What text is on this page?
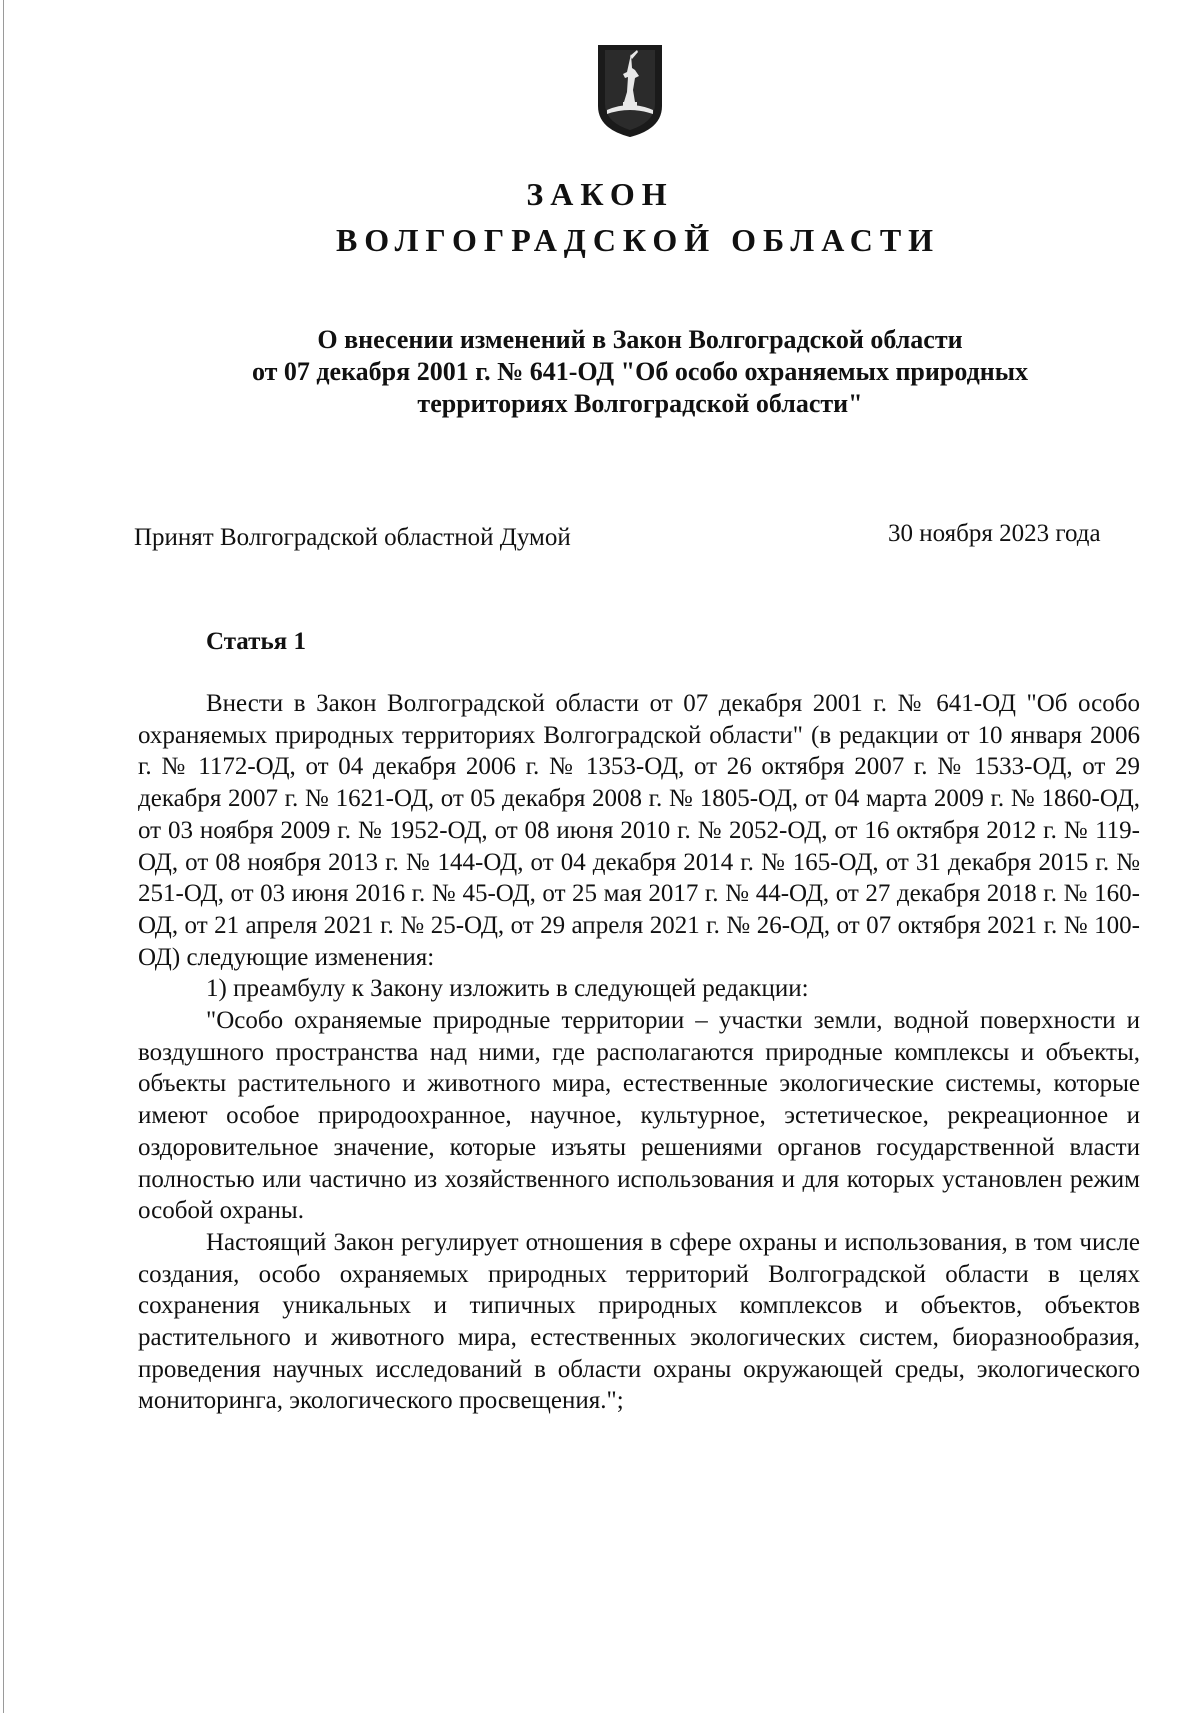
ЗАКОН
ВОЛГОГРАДСКОЙ ОБЛАСТИ
О внесении изменений в Закон Волгоградской области
от 07 декабря 2001 г. № 641-ОД "Об особо охраняемых природных
территориях Волгоградской области"
Принят Волгоградской областной Думой	30 ноября 2023 года
Статья 1

Внести в Закон Волгоградской области от 07 декабря 2001 г. № 641-ОД "Об особо охраняемых природных территориях Волгоградской области" (в редакции от 10 января 2006 г. № 1172-ОД, от 04 декабря 2006 г. № 1353-ОД, от 26 октября 2007 г. № 1533-ОД, от 29 декабря 2007 г. № 1621-ОД, от 05 декабря 2008 г. № 1805-ОД, от 04 марта 2009 г. № 1860-ОД, от 03 ноября 2009 г. № 1952-ОД, от 08 июня 2010 г. № 2052-ОД, от 16 октября 2012 г. № 119-ОД, от 08 ноября 2013 г. № 144-ОД, от 04 декабря 2014 г. № 165-ОД, от 31 декабря 2015 г. № 251-ОД, от 03 июня 2016 г. № 45-ОД, от 25 мая 2017 г. № 44-ОД, от 27 декабря 2018 г. № 160-ОД, от 21 апреля 2021 г. № 25-ОД, от 29 апреля 2021 г. № 26-ОД, от 07 октября 2021 г. № 100-ОД) следующие изменения:

1) преамбулу к Закону изложить в следующей редакции:

"Особо охраняемые природные территории – участки земли, водной поверхности и воздушного пространства над ними, где располагаются природные комплексы и объекты, объекты растительного и животного мира, естественные экологические системы, которые имеют особое природоохранное, научное, культурное, эстетическое, рекреационное и оздоровительное значение, которые изъяты решениями органов государственной власти полностью или частично из хозяйственного использования и для которых установлен режим особой охраны.

Настоящий Закон регулирует отношения в сфере охраны и использования, в том числе создания, особо охраняемых природных территорий Волгоградской области в целях сохранения уникальных и типичных природных комплексов и объектов, объектов растительного и животного мира, естественных экологических систем, биоразнообразия, проведения научных исследований в области охраны окружающей среды, экологического мониторинга, экологического просвещения.";
